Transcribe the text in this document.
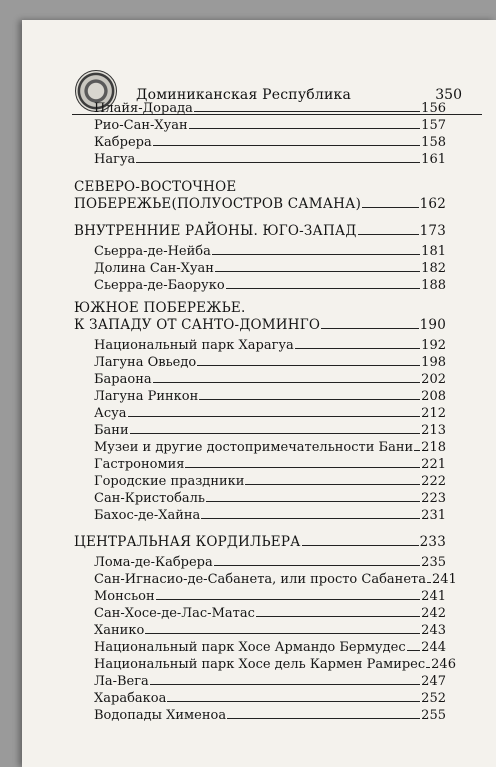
Доминиканская Республика	350
Плайя-Дорада	156
Рио-Сан-Хуан	157
Кабрера	158
Нагуа	161
СЕВЕРО-ВОСТОЧНОЕ
ПОБЕРЕЖЬЕ(ПОЛУОСТРОВ САМАНА)	162
ВНУТРЕННИЕ РАЙОНЫ. ЮГО-ЗАПАД	173
Сьерра-де-Нейба	181
Долина Сан-Хуан	182
Сьерра-де-Баоруко	188
ЮЖНОЕ ПОБЕРЕЖЬЕ.
К ЗАПАДУ ОТ САНТО-ДОМИНГО	190
Национальный парк Харагуа	192
Лагуна Овьедо	198
Бараона	202
Лагуна Ринкон	208
Асуа	212
Бани	213
Музеи и другие достопримечательности Бани 218
Гастрономия	221
Городские праздники	222
Сан-Кристобаль	223
Бахос-де-Хайна	231
ЦЕНТРАЛЬНАЯ КОРДИЛЬЕРА	233
Лома-де-Кабрера	235
Сан-Игнасио-де-Сабанета, или просто Сабанета 241
Монсьон	241
Сан-Хосе-де-Лас-Матас	242
Ханико	243
Национальный парк Хосе Армандо Бермудес 244
Национальный парк Хосе дель Кармен Рамирес 246
Ла-Вега	247
Харабакоа	252
Водопады Хименоа	255
